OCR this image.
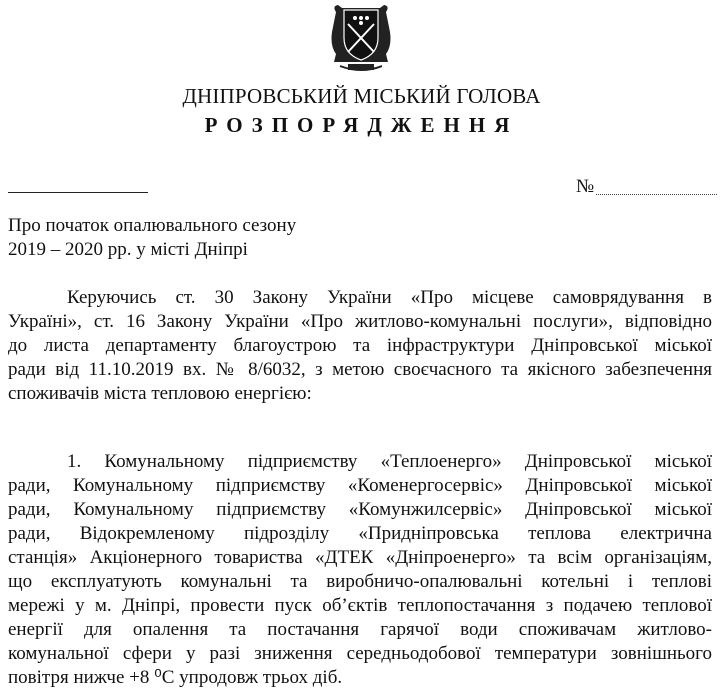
ДНІПРОВСЬКИЙ МІСЬКИЙ ГОЛОВА
РОЗПОРЯДЖЕННЯ
№
Про початок опалювального сезону
2019 – 2020 рр. у місті Дніпрі
Керуючись ст. 30 Закону України «Про місцеве самоврядування в
Україні», ст. 16 Закону України «Про житлово-комунальні послуги», відповідно
до листа департаменту благоустрою та інфраструктури Дніпровської міської
ради від 11.10.2019 вх. № 8/6032, з метою своєчасного та якісного забезпечення
споживачів міста тепловою енергією:
1. Комунальному підприємству «Теплоенерго» Дніпровської міської
ради, Комунальному підприємству «Коменергосервіс» Дніпровської міської
ради, Комунальному підприємству «Комунжилсервіс» Дніпровської міської
ради, Відокремленому підрозділу «Придніпровська теплова електрична
станція» Акціонерного товариства «ДТЕК «Дніпроенерго» та всім організаціям,
що експлуатують комунальні та виробничо-опалювальні котельні і теплові
мережі у м. Дніпрі, провести пуск об’єктів теплопостачання з подачею теплової
енергії для опалення та постачання гарячої води споживачам житлово-
комунальної сфери у разі зниження середньодобової температури зовнішнього
повітря нижче +8 ⁰С упродовж трьох діб.
